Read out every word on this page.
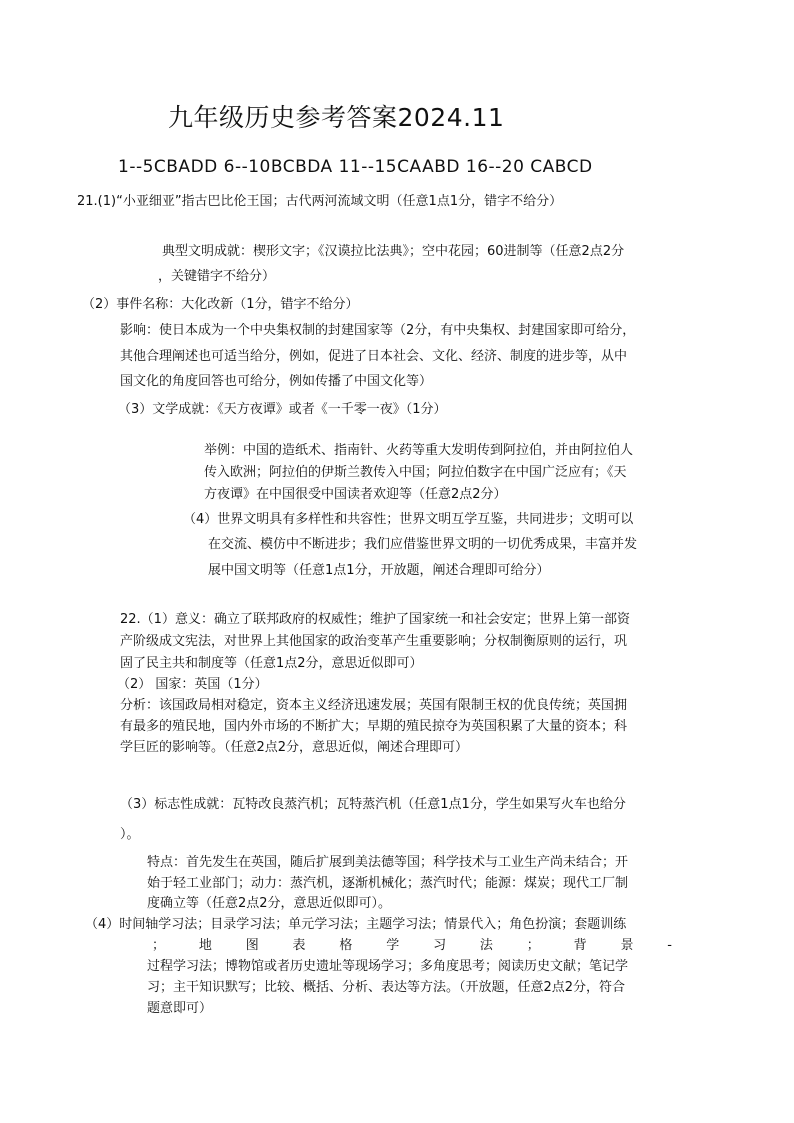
九年级历史参考答案2024.11
1--5CBADD 6--10BCBDA 11--15CAABD 16--20 CABCD
21.(1)“小亚细亚”指古巴比伦王国；古代两河流域文明（任意1点1分，错字不给分）
典型文明成就：楔形文字；《汉谟拉比法典》；空中花园；60进制等（任意2点2分
，关键错字不给分）
（2）事件名称：大化改新（1分，错字不给分）
影响：使日本成为一个中央集权制的封建国家等（2分，有中央集权、封建国家即可给分，
其他合理阐述也可适当给分，例如，促进了日本社会、文化、经济、制度的进步等，从中
国文化的角度回答也可给分，例如传播了中国文化等）
（3）文学成就：《天方夜谭》或者《一千零一夜》（1分）
举例：中国的造纸术、指南针、火药等重大发明传到阿拉伯，并由阿拉伯人
传入欧洲；阿拉伯的伊斯兰教传入中国；阿拉伯数字在中国广泛应有；《天
方夜谭》在中国很受中国读者欢迎等（任意2点2分）
（4）世界文明具有多样性和共容性；世界文明互学互鉴，共同进步；文明可以
在交流、模仿中不断进步；我们应借鉴世界文明的一切优秀成果，丰富并发
展中国文明等（任意1点1分，开放题，阐述合理即可给分）
22.（1）意义：确立了联邦政府的权威性；维护了国家统一和社会安定；世界上第一部资
产阶级成文宪法，对世界上其他国家的政治变革产生重要影响；分权制衡原则的运行，巩
固了民主共和制度等（任意1点2分，意思近似即可）
（2） 国家：英国（1分）
分析：该国政局相对稳定，资本主义经济迅速发展；英国有限制王权的优良传统；英国拥
有最多的殖民地，国内外市场的不断扩大；早期的殖民掠夺为英国积累了大量的资本；科
学巨匠的影响等。（任意2点2分，意思近似，阐述合理即可）
（3）标志性成就：瓦特改良蒸汽机；瓦特蒸汽机（任意1点1分，学生如果写火车也给分
）。
特点：首先发生在英国，随后扩展到美法德等国；科学技术与工业生产尚未结合；开
始于轻工业部门；动力：蒸汽机，逐渐机械化；蒸汽时代；能源：煤炭；现代工厂制
度确立等（任意2点2分，意思近似即可）。
（4）时间轴学习法；目录学习法；单元学习法；主题学习法；情景代入；角色扮演；套题训练
；	地	图	表	格	学	习	法	；	背	景	-
过程学习法；博物馆或者历史遗址等现场学习；多角度思考；阅读历史文献；笔记学
习；主干知识默写；比较、概括、分析、表达等方法。（开放题，任意2点2分，符合
题意即可）
